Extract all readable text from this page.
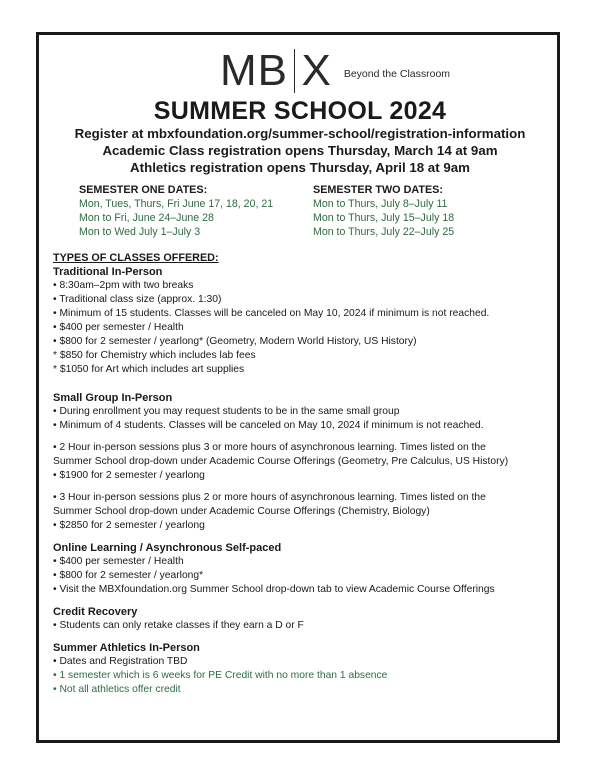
MB X Beyond the Classroom
SUMMER SCHOOL 2024
Register at mbxfoundation.org/summer-school/registration-information
Academic Class registration opens Thursday, March 14 at 9am
Athletics registration opens Thursday, April 18 at 9am
SEMESTER ONE DATES:
Mon, Tues, Thurs, Fri June 17, 18, 20, 21
Mon to Fri, June 24–June 28
Mon to Wed July 1–July 3
SEMESTER TWO DATES:
Mon to Thurs, July 8–July 11
Mon to Thurs, July 15–July 18
Mon to Thurs, July 22–July 25
TYPES OF CLASSES OFFERED:
Traditional In-Person
• 8:30am–2pm with two breaks
• Traditional class size (approx. 1:30)
• Minimum of 15 students. Classes will be canceled on May 10, 2024 if minimum is not reached.
• $400 per semester / Health
• $800 for 2 semester / yearlong* (Geometry, Modern World History, US History)
* $850 for Chemistry which includes lab fees
* $1050 for Art which includes art supplies
Small Group In-Person
• During enrollment you may request students to be in the same small group
• Minimum of 4 students. Classes will be canceled on May 10, 2024 if minimum is not reached.
• 2 Hour in-person sessions plus 3 or more hours of asynchronous learning. Times listed on the
Summer School drop-down under Academic Course Offerings (Geometry, Pre Calculus, US History)
• $1900 for 2 semester / yearlong
• 3 Hour in-person sessions plus 2 or more hours of asynchronous learning. Times listed on the
Summer School drop-down under Academic Course Offerings (Chemistry, Biology)
• $2850 for 2 semester / yearlong
Online Learning / Asynchronous Self-paced
• $400 per semester / Health
• $800 for 2 semester / yearlong*
• Visit the MBXfoundation.org Summer School drop-down tab to view Academic Course Offerings
Credit Recovery
• Students can only retake classes if they earn a D or F
Summer Athletics In-Person
• Dates and Registration TBD
• 1 semester which is 6 weeks for PE Credit with no more than 1 absence
• Not all athletics offer credit
